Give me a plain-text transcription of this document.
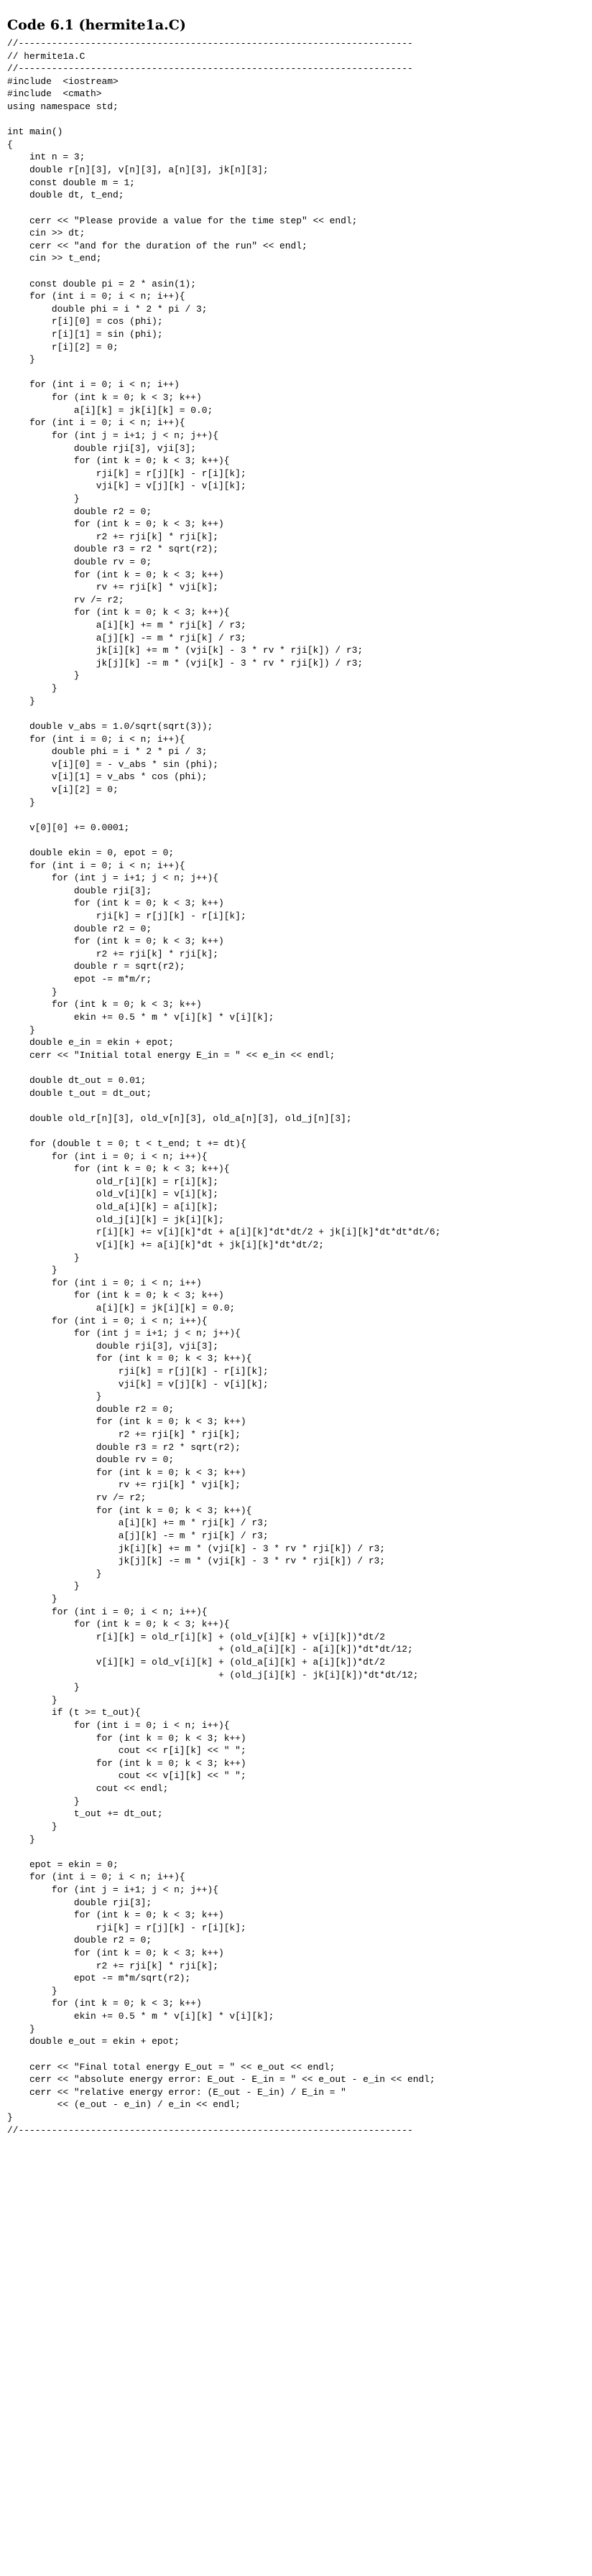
Code 6.1 (hermite1a.C)
//-----------------------------------------------------------------------
// hermite1a.C
//-----------------------------------------------------------------------
#include  <iostream>
#include  <cmath>
using namespace std;
int main()
{
int n = 3;
double r[n][3], v[n][3], a[n][3], jk[n][3];
const double m = 1;
double dt, t_end;
cerr << "Please provide a value for the time step" << endl;
cin >> dt;
cerr << "and for the duration of the run" << endl;
cin >> t_end;
const double pi = 2 * asin(1);
for (int i = 0; i < n; i++){
double phi = i * 2 * pi / 3;
r[i][0] = cos (phi);
r[i][1] = sin (phi);
r[i][2] = 0;
}
for (int i = 0; i < n; i++)
for (int k = 0; k < 3; k++)
a[i][k] = jk[i][k] = 0.0;
for (int i = 0; i < n; i++){
for (int j = i+1; j < n; j++){
double rji[3], vji[3];
for (int k = 0; k < 3; k++){
rji[k] = r[j][k] - r[i][k];
vji[k] = v[j][k] - v[i][k];
}
double r2 = 0;
for (int k = 0; k < 3; k++)
r2 += rji[k] * rji[k];
double r3 = r2 * sqrt(r2);
double rv = 0;
for (int k = 0; k < 3; k++)
rv += rji[k] * vji[k];
rv /= r2;
for (int k = 0; k < 3; k++){
a[i][k] += m * rji[k] / r3;
a[j][k] -= m * rji[k] / r3;
jk[i][k] += m * (vji[k] - 3 * rv * rji[k]) / r3;
jk[j][k] -= m * (vji[k] - 3 * rv * rji[k]) / r3;
}
}
}
double v_abs = 1.0/sqrt(sqrt(3));
for (int i = 0; i < n; i++){
double phi = i * 2 * pi / 3;
v[i][0] = - v_abs * sin (phi);
v[i][1] = v_abs * cos (phi);
v[i][2] = 0;
}
v[0][0] += 0.0001;
double ekin = 0, epot = 0;
for (int i = 0; i < n; i++){
for (int j = i+1; j < n; j++){
double rji[3];
for (int k = 0; k < 3; k++)
rji[k] = r[j][k] - r[i][k];
double r2 = 0;
for (int k = 0; k < 3; k++)
r2 += rji[k] * rji[k];
double r = sqrt(r2);
epot -= m*m/r;
}
for (int k = 0; k < 3; k++)
ekin += 0.5 * m * v[i][k] * v[i][k];
}
double e_in = ekin + epot;
cerr << "Initial total energy E_in = " << e_in << endl;
double dt_out = 0.01;
double t_out = dt_out;
double old_r[n][3], old_v[n][3], old_a[n][3], old_j[n][3];
for (double t = 0; t < t_end; t += dt){
for (int i = 0; i < n; i++){
for (int k = 0; k < 3; k++){
old_r[i][k] = r[i][k];
old_v[i][k] = v[i][k];
old_a[i][k] = a[i][k];
old_j[i][k] = jk[i][k];
r[i][k] += v[i][k]*dt + a[i][k]*dt*dt/2 + jk[i][k]*dt*dt*dt/6;
v[i][k] += a[i][k]*dt + jk[i][k]*dt*dt/2;
}
}
for (int i = 0; i < n; i++)
for (int k = 0; k < 3; k++)
a[i][k] = jk[i][k] = 0.0;
for (int i = 0; i < n; i++){
for (int j = i+1; j < n; j++){
double rji[3], vji[3];
for (int k = 0; k < 3; k++){
rji[k] = r[j][k] - r[i][k];
vji[k] = v[j][k] - v[i][k];
}
double r2 = 0;
for (int k = 0; k < 3; k++)
r2 += rji[k] * rji[k];
double r3 = r2 * sqrt(r2);
double rv = 0;
for (int k = 0; k < 3; k++)
rv += rji[k] * vji[k];
rv /= r2;
for (int k = 0; k < 3; k++){
a[i][k] += m * rji[k] / r3;
a[j][k] -= m * rji[k] / r3;
jk[i][k] += m * (vji[k] - 3 * rv * rji[k]) / r3;
jk[j][k] -= m * (vji[k] - 3 * rv * rji[k]) / r3;
}
}
}
for (int i = 0; i < n; i++){
for (int k = 0; k < 3; k++){
r[i][k] = old_r[i][k] + (old_v[i][k] + v[i][k])*dt/2
+ (old_a[i][k] - a[i][k])*dt*dt/12;
v[i][k] = old_v[i][k] + (old_a[i][k] + a[i][k])*dt/2
+ (old_j[i][k] - jk[i][k])*dt*dt/12;
}
}
if (t >= t_out){
for (int i = 0; i < n; i++){
for (int k = 0; k < 3; k++)
cout << r[i][k] << " ";
for (int k = 0; k < 3; k++)
cout << v[i][k] << " ";
cout << endl;
}
t_out += dt_out;
}
}
epot = ekin = 0;
for (int i = 0; i < n; i++){
for (int j = i+1; j < n; j++){
double rji[3];
for (int k = 0; k < 3; k++)
rji[k] = r[j][k] - r[i][k];
double r2 = 0;
for (int k = 0; k < 3; k++)
r2 += rji[k] * rji[k];
epot -= m*m/sqrt(r2);
}
for (int k = 0; k < 3; k++)
ekin += 0.5 * m * v[i][k] * v[i][k];
}
double e_out = ekin + epot;
cerr << "Final total energy E_out = " << e_out << endl;
cerr << "absolute energy error: E_out - E_in = " << e_out - e_in << endl;
cerr << "relative energy error: (E_out - E_in) / E_in = "
<< (e_out - e_in) / e_in << endl;
}
//-----------------------------------------------------------------------
